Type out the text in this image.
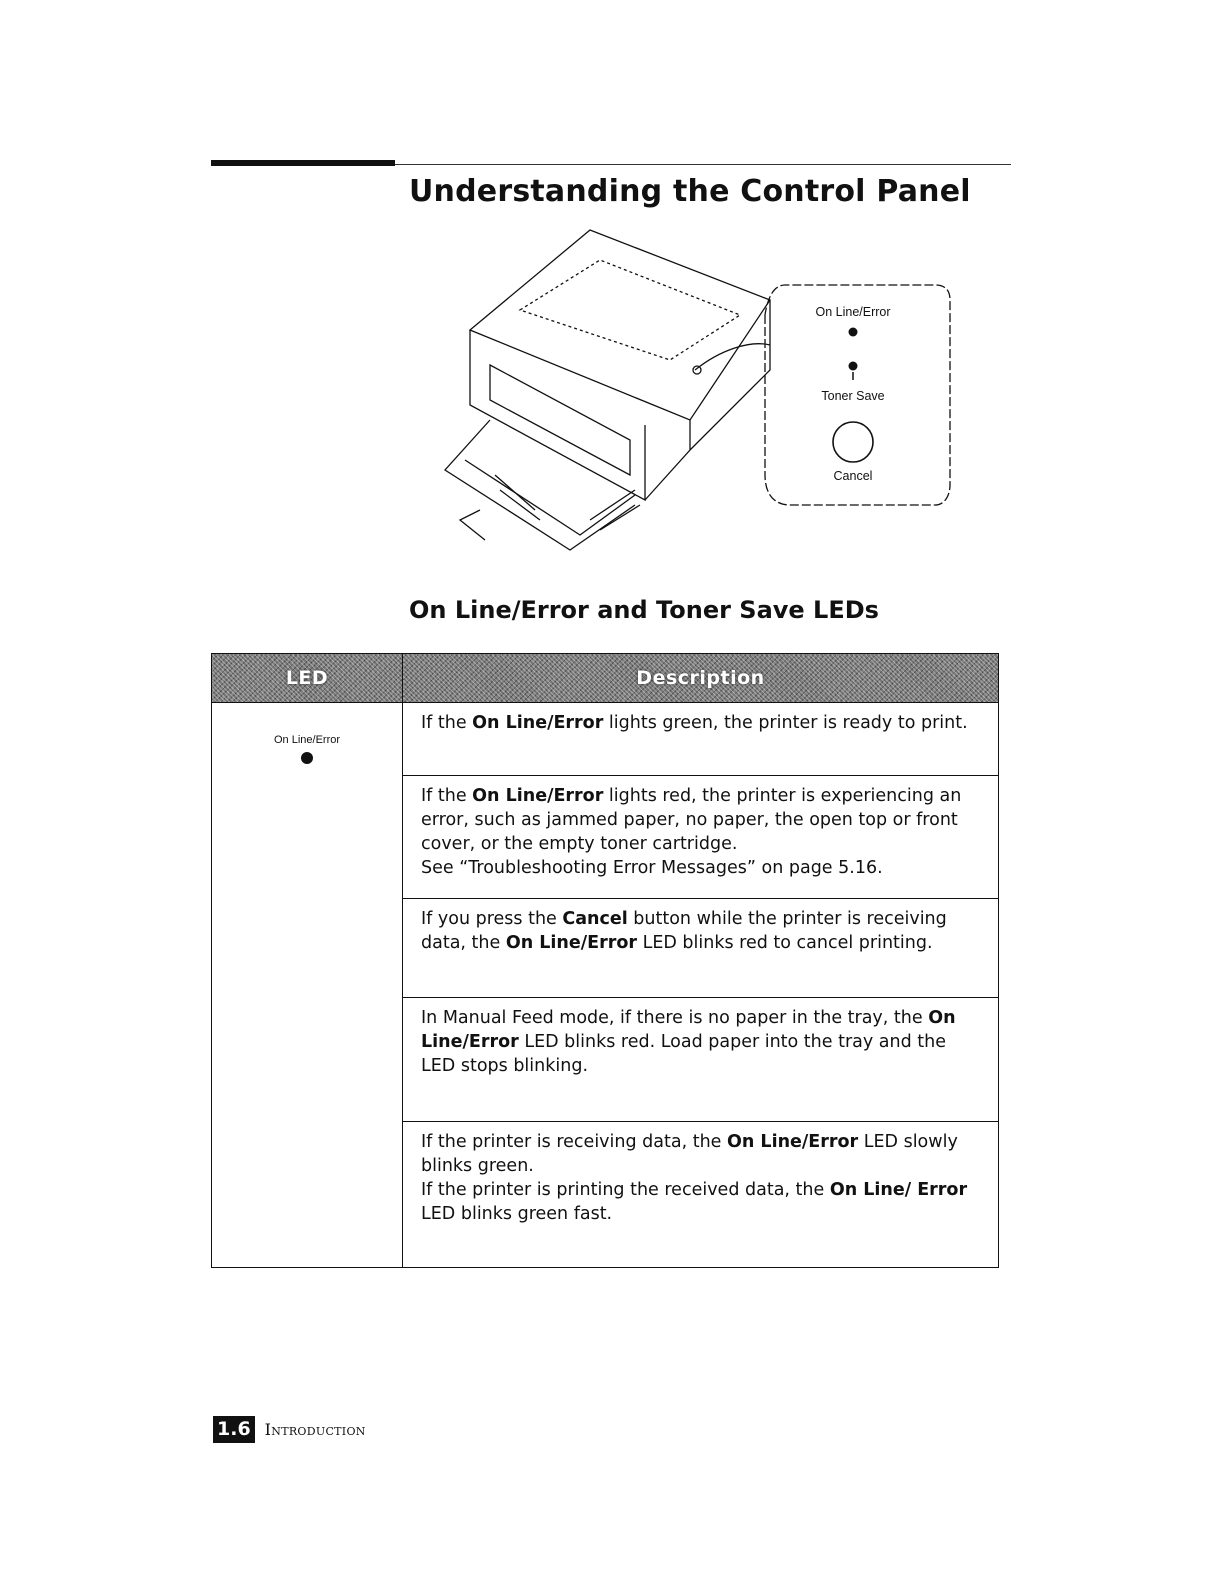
Understanding the Control Panel
On Line/Error
Toner Save
Cancel
On Line/Error and Toner Save LEDs
LED	Description

On Line/Error	If the On Line/Error lights green, the printer is ready to print.

	If the On Line/Error lights red, the printer is experiencing an error, such as jammed paper, no paper, the open top or front cover, or the empty toner cartridge.
See “Troubleshooting Error Messages” on page 5.16.

	If you press the Cancel button while the printer is receiving data, the On Line/Error LED blinks red to cancel printing.

	In Manual Feed mode, if there is no paper in the tray, the On Line/Error LED blinks red. Load paper into the tray and the LED stops blinking.

	If the printer is receiving data, the On Line/Error LED slowly blinks green.
If the printer is printing the received data, the On Line/ Error LED blinks green fast.

1.6 Introduction
